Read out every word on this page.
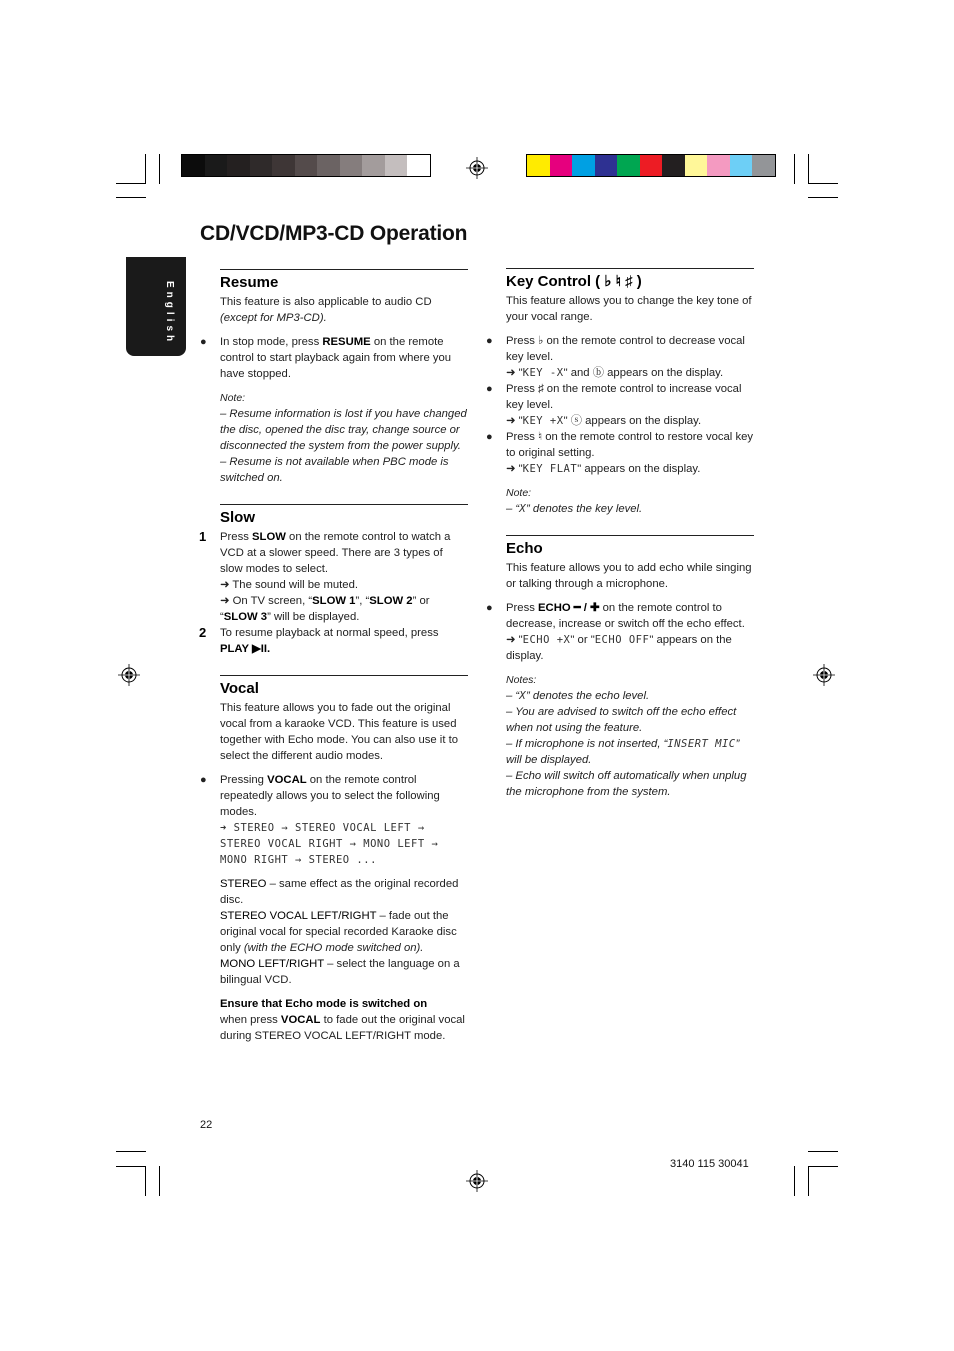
CD/VCD/MP3-CD Operation
English	Resume

This feature is also applicable to audio CD
(except for MP3-CD).

● In stop mode, press RESUME on the remote control to start playback again from where you have stopped.

Note:

– Resume information is lost if you have changed the disc, opened the disc tray, change source or disconnected the system from the power supply.

– Resume is not available when PBC mode is switched on.

Slow

1 Press SLOW on the remote control to watch a VCD at a slower speed. There are 3 types of slow modes to select.

➜ The sound will be muted.

➜ On TV screen, “SLOW 1”, “SLOW 2” or “SLOW 3” will be displayed.

2 To resume playback at normal speed, press
PLAY ▶II.

Vocal

This feature allows you to fade out the original vocal from a karaoke VCD. This feature is used together with Echo mode. You can also use it to select the different audio modes.

● Pressing VOCAL on the remote control repeatedly allows you to select the following modes.

➜ STEREO → STEREO VOCAL LEFT →

STEREO VOCAL RIGHT → MONO LEFT →

MONO RIGHT → STEREO ...

STEREO – same effect as the original recorded disc.

STEREO VOCAL LEFT/RIGHT – fade out the original vocal for special recorded Karaoke disc only (with the ECHO mode switched on).

MONO LEFT/RIGHT – select the language on a bilingual VCD.

Ensure that Echo mode is switched on
when press VOCAL to fade out the original vocal during STEREO VOCAL LEFT/RIGHT mode.

Key Control ( ♭ ♮ ♯ )

This feature allows you to change the key tone of your vocal range.

● Press ♭ on the remote control to decrease vocal key level.

➜ "KEY -X" and ⓑ appears on the display.

● Press ♯ on the remote control to increase vocal key level.

➜ "KEY +X" ⓢ appears on the display.

● Press ♮ on the remote control to restore vocal key to original setting.

➜ "KEY FLAT" appears on the display.

Note:

– “X” denotes the key level.

Echo

This feature allows you to add echo while singing or talking through a microphone.

● Press ECHO ━ / ✚ on the remote control to decrease, increase or switch off the echo effect.

➜ "ECHO +X" or "ECHO OFF" appears on the display.

Notes:

– “X” denotes the echo level.

– You are advised to switch off the echo effect when not using the feature.

– If microphone is not inserted, “INSERT MIC” will be displayed.

– Echo will switch off automatically when unplug the microphone from the system.

22
3140 115 30041
